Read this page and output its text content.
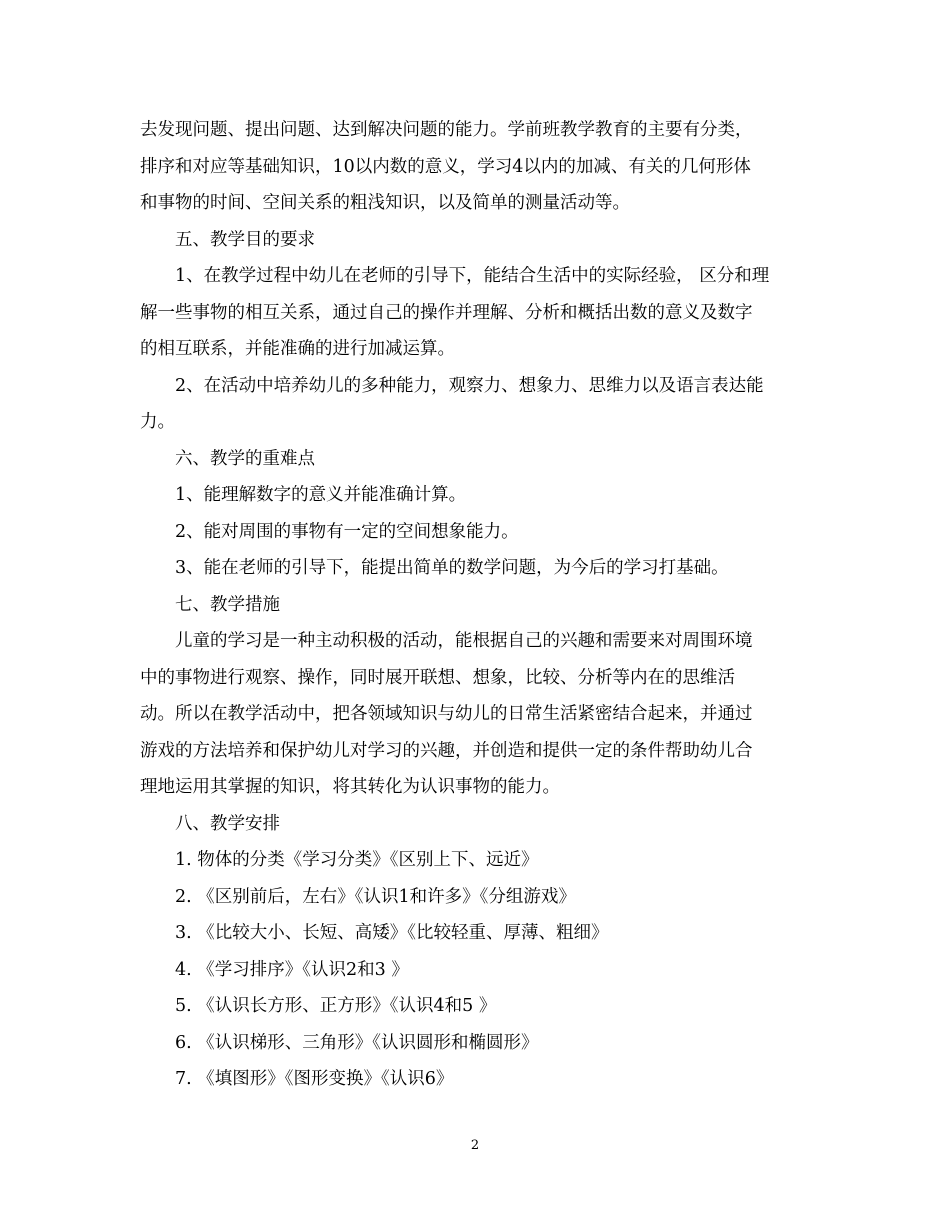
去发现问题、提出问题、达到解决问题的能力。学前班教学教育的主要有分类，
排序和对应等基础知识，10以内数的意义，学习4以内的加减、有关的几何形体
和事物的时间、空间关系的粗浅知识，以及简单的测量活动等。

五、教学目的要求

1、在教学过程中幼儿在老师的引导下，能结合生活中的实际经验， 区分和理
解一些事物的相互关系，通过自己的操作并理解、分析和概括出数的意义及数字
的相互联系，并能准确的进行加减运算。

2、在活动中培养幼儿的多种能力，观察力、想象力、思维力以及语言表达能
力。

六、教学的重难点

1、能理解数字的意义并能准确计算。

2、能对周围的事物有一定的空间想象能力。

3、能在老师的引导下，能提出简单的数学问题，为今后的学习打基础。

七、教学措施

儿童的学习是一种主动积极的活动，能根据自己的兴趣和需要来对周围环境
中的事物进行观察、操作，同时展开联想、想象，比较、分析等内在的思维活
动。所以在教学活动中，把各领域知识与幼儿的日常生活紧密结合起来，并通过
游戏的方法培养和保护幼儿对学习的兴趣，并创造和提供一定的条件帮助幼儿合
理地运用其掌握的知识，将其转化为认识事物的能力。

八、教学安排

1. 物体的分类《学习分类》《区别上下、远近》
2. 《区别前后，左右》《认识1和许多》《分组游戏》
3. 《比较大小、长短、高矮》《比较轻重、厚薄、粗细》
4. 《学习排序》《认识2和3 》
5. 《认识长方形、正方形》《认识4和5 》
6. 《认识梯形、三角形》《认识圆形和椭圆形》
7. 《填图形》《图形变换》《认识6》

2
